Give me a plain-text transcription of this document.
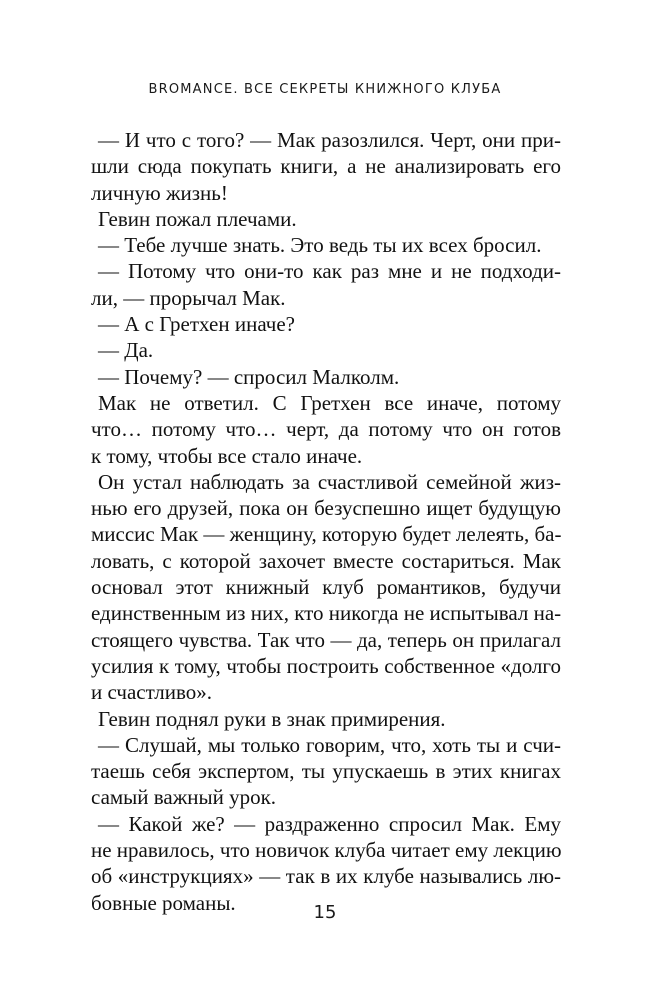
BROMANCE. ВСЕ СЕКРЕТЫ КНИЖНОГО КЛУБА
— И что с того? — Мак разозлился. Черт, они при-
шли сюда покупать книги, а не анализировать его
личную жизнь!
Гевин пожал плечами.
— Тебе лучше знать. Это ведь ты их всех бросил.
— Потому что они-то как раз мне и не подходи-
ли, — прорычал Мак.
— А с Гретхен иначе?
— Да.
— Почему? — спросил Малколм.
Мак не ответил. С Гретхен все иначе, потому
что… потому что… черт, да потому что он готов
к тому, чтобы все стало иначе.
Он устал наблюдать за счастливой семейной жиз-
нью его друзей, пока он безуспешно ищет будущую
миссис Мак — женщину, которую будет лелеять, ба-
ловать, с которой захочет вместе состариться. Мак
основал этот книжный клуб романтиков, будучи
единственным из них, кто никогда не испытывал на-
стоящего чувства. Так что — да, теперь он прилагал
усилия к тому, чтобы построить собственное «долго
и счастливо».
Гевин поднял руки в знак примирения.
— Слушай, мы только говорим, что, хоть ты и счи-
таешь себя экспертом, ты упускаешь в этих книгах
самый важный урок.
— Какой же? — раздраженно спросил Мак. Ему
не нравилось, что новичок клуба читает ему лекцию
об «инструкциях» — так в их клубе назывались лю-
бовные романы.	15
